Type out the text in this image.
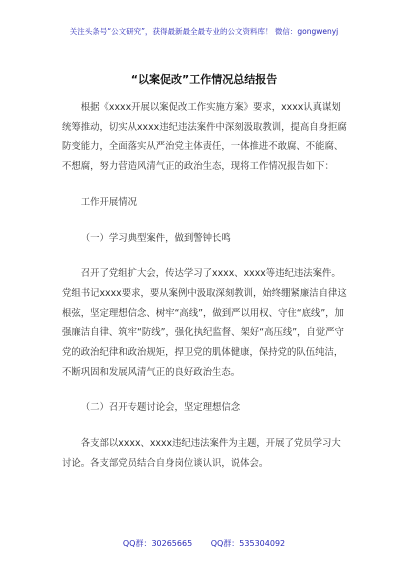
关注头条号“公文研究”，获得最新最全最专业的公文资料库！ 微信：gongwenyj
“以案促改”工作情况总结报告

根据《xxxx开展以案促改工作实施方案》要求，xxxx认真谋划统筹推动，切实从xxxx违纪违法案件中深刻汲取教训，提高自身拒腐防变能力，全面落实从严治党主体责任，一体推进不敢腐、不能腐、不想腐，努力营造风清气正的政治生态，现将工作情况报告如下：

工作开展情况

（一）学习典型案件，做到警钟长鸣

召开了党组扩大会，传达学习了xxxx、xxxx等违纪违法案件。党组书记xxxx要求，要从案例中汲取深刻教训，始终绷紧廉洁自律这根弦，坚定理想信念、树牢“高线”，做到严以用权、守住“底线”，加强廉洁自律、筑牢“防线”，强化执纪监督、架好“高压线”，自觉严守党的政治纪律和政治规矩，捍卫党的肌体健康，保持党的队伍纯洁，不断巩固和发展风清气正的良好政治生态。

（二）召开专题讨论会，坚定理想信念

各支部以xxxx、xxxx违纪违法案件为主题，开展了党员学习大讨论。各支部党员结合自身岗位谈认识，说体会。

QQ群：30265665 QQ群：535304092
